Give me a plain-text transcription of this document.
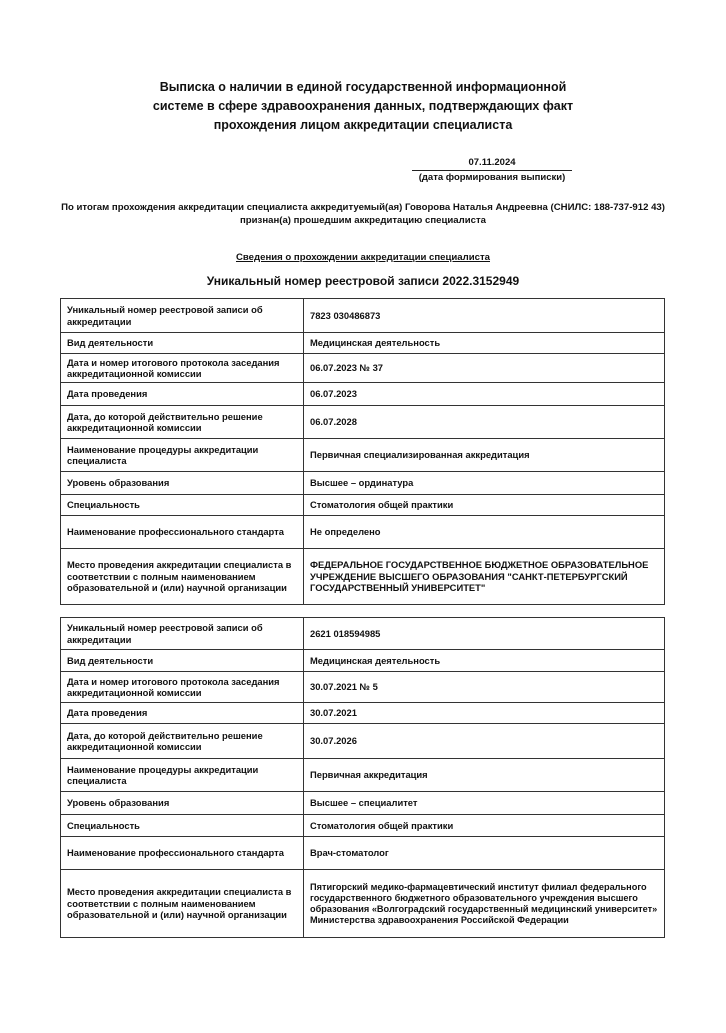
Выписка о наличии в единой государственной информационной
системе в сфере здравоохранения данных, подтверждающих факт
прохождения лицом аккредитации специалиста
07.11.2024
(дата формирования выписки)
По итогам прохождения аккредитации специалиста аккредитуемый(ая) Говорова Наталья Андреевна (СНИЛС: 188-737-912 43) признан(а) прошедшим аккредитацию специалиста
Сведения о прохождении аккредитации специалиста
Уникальный номер реестровой записи 2022.3152949
Уникальный номер реестровой записи об аккредитации	7823 030486873
Вид деятельности	Медицинская деятельность
Дата и номер итогового протокола заседания аккредитационной комиссии	06.07.2023 № 37
Дата проведения	06.07.2023
Дата, до которой действительно решение аккредитационной комиссии	06.07.2028
Наименование процедуры аккредитации специалиста	Первичная специализированная аккредитация
Уровень образования	Высшее – ординатура
Специальность	Стоматология общей практики
Наименование профессионального стандарта	Не определено
Место проведения аккредитации специалиста в соответствии с полным наименованием образовательной и (или) научной организации	ФЕДЕРАЛЬНОЕ ГОСУДАРСТВЕННОЕ БЮДЖЕТНОЕ ОБРАЗОВАТЕЛЬНОЕ УЧРЕЖДЕНИЕ ВЫСШЕГО ОБРАЗОВАНИЯ "САНКТ-ПЕТЕРБУРГСКИЙ ГОСУДАРСТВЕННЫЙ УНИВЕРСИТЕТ"
Уникальный номер реестровой записи об аккредитации	2621 018594985
Вид деятельности	Медицинская деятельность
Дата и номер итогового протокола заседания аккредитационной комиссии	30.07.2021 № 5
Дата проведения	30.07.2021
Дата, до которой действительно решение аккредитационной комиссии	30.07.2026
Наименование процедуры аккредитации специалиста	Первичная аккредитация
Уровень образования	Высшее – специалитет
Специальность	Стоматология общей практики
Наименование профессионального стандарта	Врач-стоматолог
Место проведения аккредитации специалиста в соответствии с полным наименованием образовательной и (или) научной организации	Пятигорский медико-фармацевтический институт филиал федерального государственного бюджетного образовательного учреждения высшего образования «Волгоградский государственный медицинский университет» Министерства здравоохранения Российской Федерации
